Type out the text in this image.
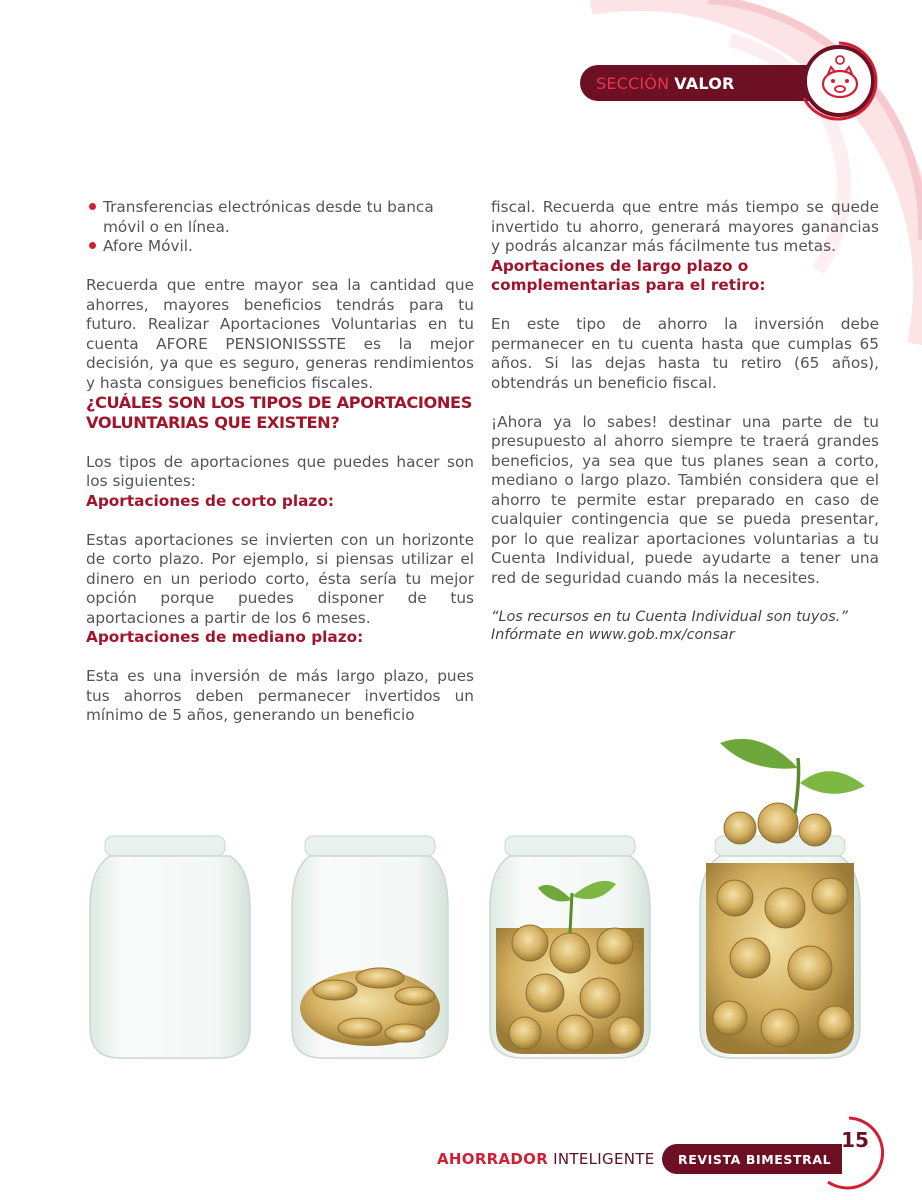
SECCIÓN VALOR
Transferencias electrónicas desde tu banca móvil o en línea.
Afore Móvil.

Recuerda que entre mayor sea la cantidad que ahorres, mayores beneficios tendrás para tu futuro. Realizar Aportaciones Voluntarias en tu cuenta AFORE PENSIONISSSTE es la mejor decisión, ya que es seguro, generas rendimientos y hasta consigues beneficios fiscales.

¿CUÁLES SON LOS TIPOS DE APORTACIONES VOLUNTARIAS QUE EXISTEN?

Los tipos de aportaciones que puedes hacer son los siguientes:

Aportaciones de corto plazo:

Estas aportaciones se invierten con un horizonte de corto plazo. Por ejemplo, si piensas utilizar el dinero en un periodo corto, ésta sería tu mejor opción porque puedes disponer de tus aportaciones a partir de los 6 meses.

Aportaciones de mediano plazo:

Esta es una inversión de más largo plazo, pues tus ahorros deben permanecer invertidos un mínimo de 5 años, generando un beneficio

fiscal. Recuerda que entre más tiempo se quede invertido tu ahorro, generará mayores ganancias y podrás alcanzar más fácilmente tus metas.

Aportaciones de largo plazo o complementarias para el retiro:

En este tipo de ahorro la inversión debe permanecer en tu cuenta hasta que cumplas 65 años. Si las dejas hasta tu retiro (65 años), obtendrás un beneficio fiscal.

¡Ahora ya lo sabes! destinar una parte de tu presupuesto al ahorro siempre te traerá grandes beneficios, ya sea que tus planes sean a corto, mediano o largo plazo. También considera que el ahorro te permite estar preparado en caso de cualquier contingencia que se pueda presentar, por lo que realizar aportaciones voluntarias a tu Cuenta Individual, puede ayudarte a tener una red de seguridad cuando más la necesites.

“Los recursos en tu Cuenta Individual son tuyos.”
Infórmate en www.gob.mx/consar
AHORRADOR INTELIGENTE	REVISTA BIMESTRAL
15
